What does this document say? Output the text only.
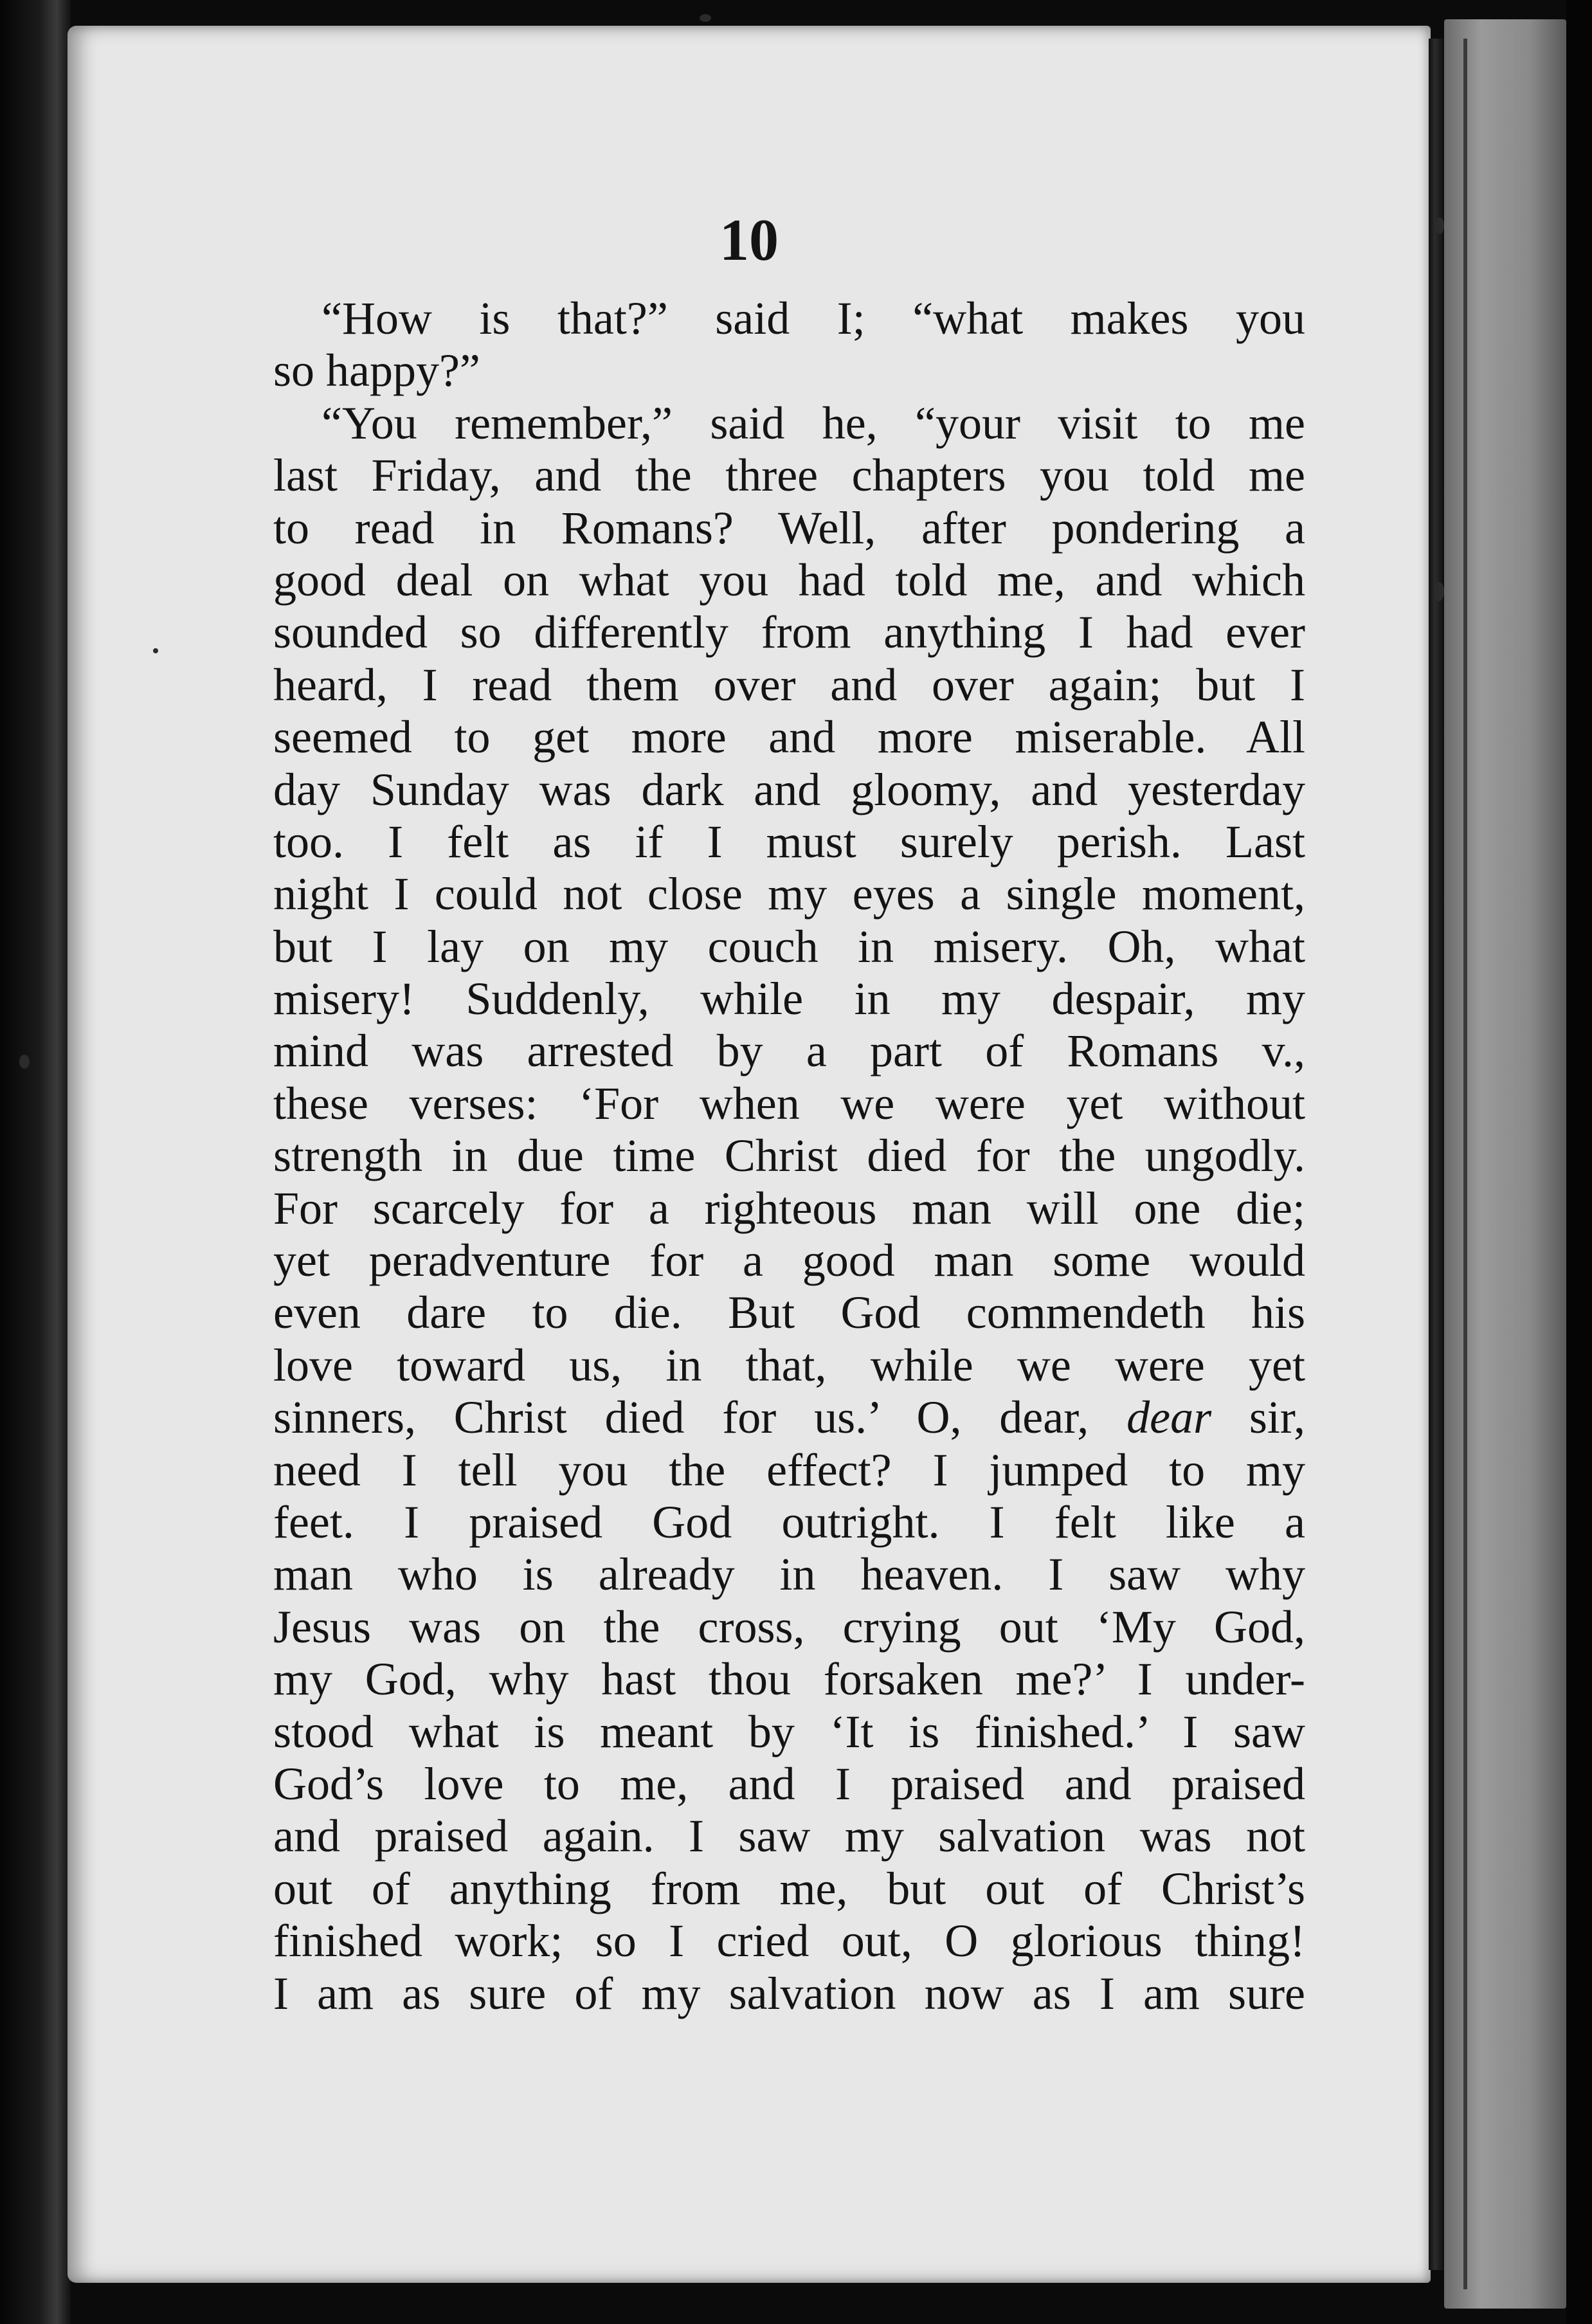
10
“How is that?” said I; “what makes you
so happy?”
“You remember,” said he, “your visit to me
last Friday, and the three chapters you told me
to read in Romans? Well, after pondering a
good deal on what you had told me, and which
sounded so differently from anything I had ever
heard, I read them over and over again; but I
seemed to get more and more miserable. All
day Sunday was dark and gloomy, and yesterday
too. I felt as if I must surely perish. Last
night I could not close my eyes a single moment,
but I lay on my couch in misery. Oh, what
misery! Suddenly, while in my despair, my
mind was arrested by a part of Romans v.,
these verses: ‘For when we were yet without
strength in due time Christ died for the ungodly.
For scarcely for a righteous man will one die;
yet peradventure for a good man some would
even dare to die. But God commendeth his
love toward us, in that, while we were yet
sinners, Christ died for us.’ O, dear, dear sir,
need I tell you the effect? I jumped to my
feet. I praised God outright. I felt like a
man who is already in heaven. I saw why
Jesus was on the cross, crying out ‘My God,
my God, why hast thou forsaken me?’ I under-
stood what is meant by ‘It is finished.’ I saw
God’s love to me, and I praised and praised
and praised again. I saw my salvation was not
out of anything from me, but out of Christ’s
finished work; so I cried out, O glorious thing!
I am as sure of my salvation now as I am sure
